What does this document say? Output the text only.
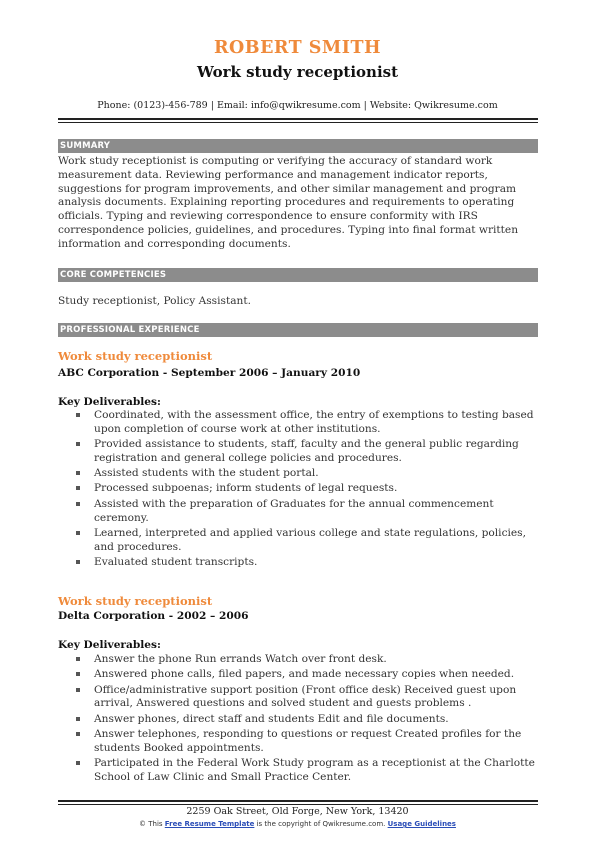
ROBERT SMITH
Work study receptionist
Phone: (0123)-456-789 | Email: info@qwikresume.com | Website: Qwikresume.com
SUMMARY
Work study receptionist is computing or verifying the accuracy of standard work measurement data. Reviewing performance and management indicator reports, suggestions for program improvements, and other similar management and program analysis documents. Explaining reporting procedures and requirements to operating officials. Typing and reviewing correspondence to ensure conformity with IRS correspondence policies, guidelines, and procedures. Typing into final format written information and corresponding documents.
CORE COMPETENCIES
Study receptionist, Policy Assistant.
PROFESSIONAL EXPERIENCE
Work study receptionist
ABC Corporation - September 2006 – January 2010
Key Deliverables:
Coordinated, with the assessment office, the entry of exemptions to testing based upon completion of course work at other institutions.
Provided assistance to students, staff, faculty and the general public regarding registration and general college policies and procedures.
Assisted students with the student portal.
Processed subpoenas; inform students of legal requests.
Assisted with the preparation of Graduates for the annual commencement ceremony.
Learned, interpreted and applied various college and state regulations, policies, and procedures.
Evaluated student transcripts.
Work study receptionist
Delta Corporation - 2002 – 2006
Key Deliverables:
Answer the phone Run errands Watch over front desk.
Answered phone calls, filed papers, and made necessary copies when needed.
Office/administrative support position (Front office desk) Received guest upon arrival, Answered questions and solved student and guests problems .
Answer phones, direct staff and students Edit and file documents.
Answer telephones, responding to questions or request Created profiles for the students Booked appointments.
Participated in the Federal Work Study program as a receptionist at the Charlotte School of Law Clinic and Small Practice Center.
2259 Oak Street, Old Forge, New York, 13420
© This Free Resume Template is the copyright of Qwikresume.com. Usage Guidelines
